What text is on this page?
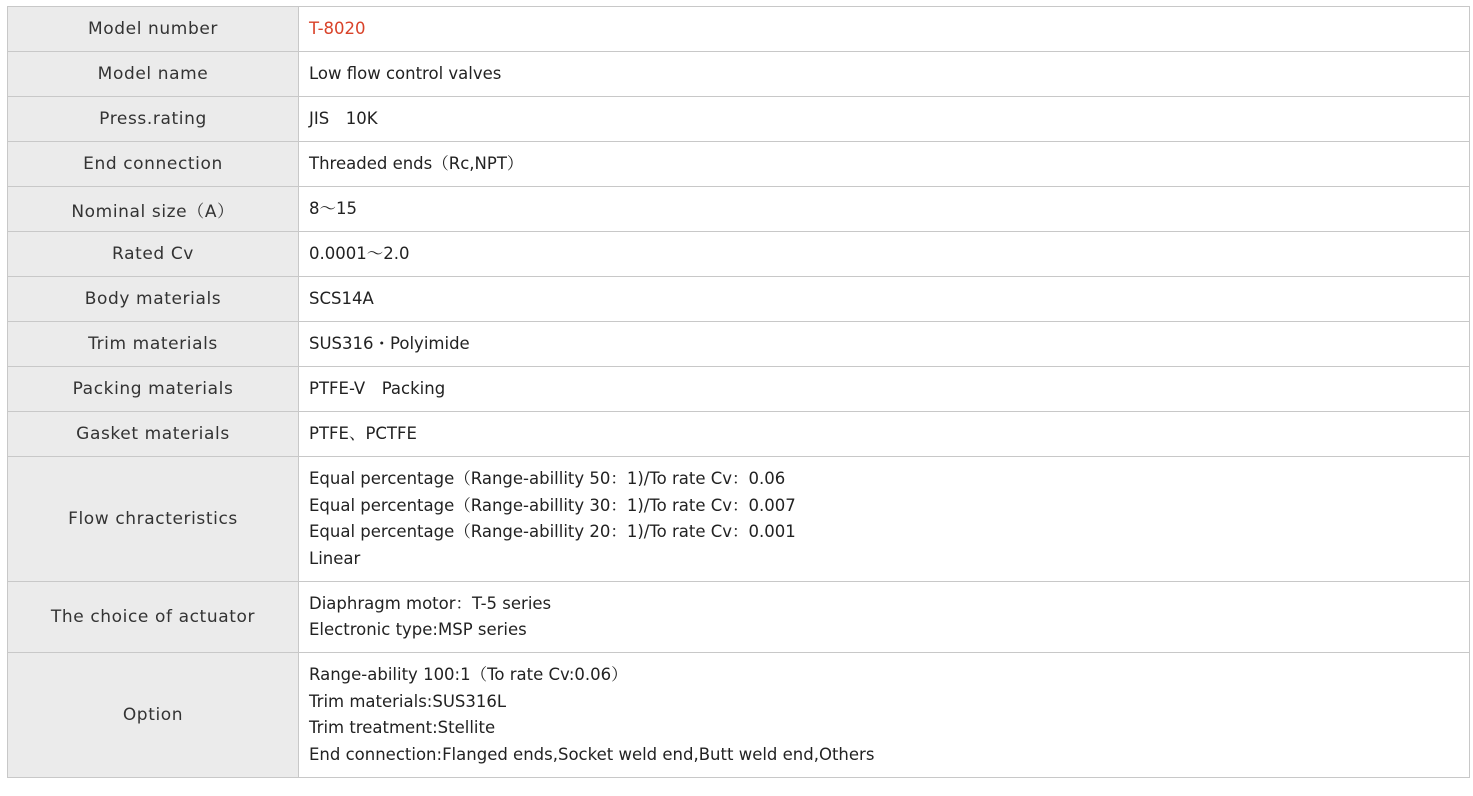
Model number	T-8020
Model name	Low flow control valves
Press.rating	JIS　10K
End connection	Threaded ends（Rc,NPT）
Nominal size（A）	8～15
Rated Cv	0.0001～2.0
Body materials	SCS14A
Trim materials	SUS316・Polyimide
Packing materials	PTFE-V　Packing
Gasket materials	PTFE、PCTFE
Flow chracteristics	Equal percentage（Range-abillity 50：1)/To rate Cv：0.06
Equal percentage（Range-abillity 30：1)/To rate Cv：0.007
Equal percentage（Range-abillity 20：1)/To rate Cv：0.001
Linear

The choice of actuator	Diaphragm motor：T-5 series
Electronic type:MSP series

Option	Range-ability 100:1（To rate Cv:0.06）
Trim materials:SUS316L
Trim treatment:Stellite
End connection:Flanged ends,Socket weld end,Butt weld end,Others
